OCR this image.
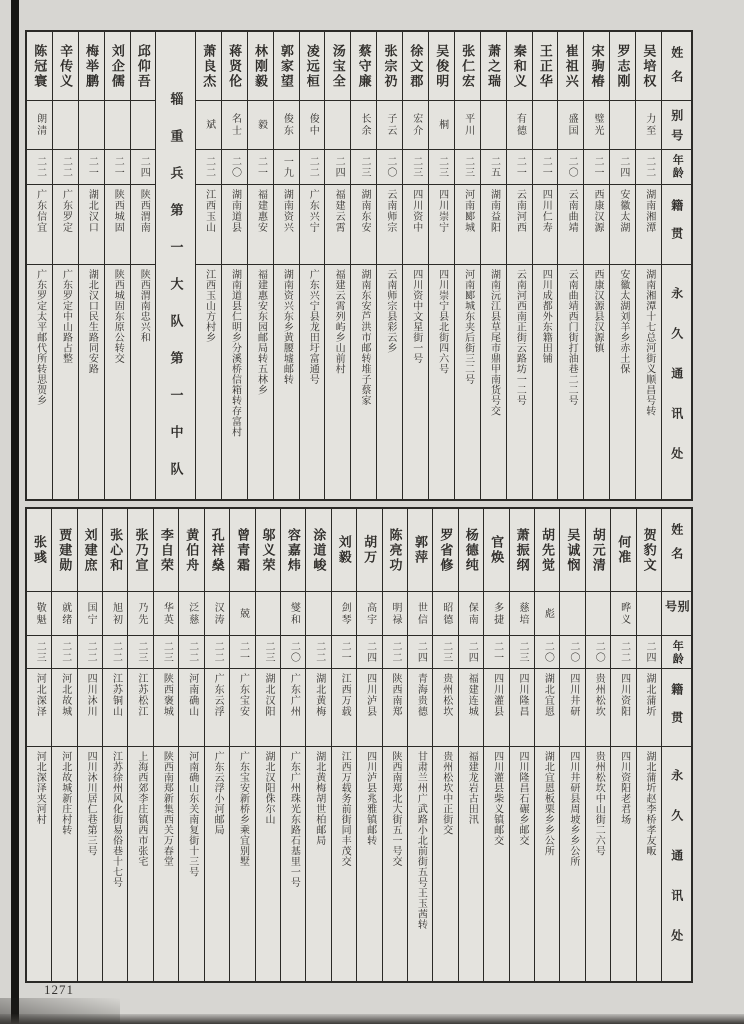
姓名
别号
年龄
籍贯
永久通讯处
吴培权
力至
二二
湖南湘潭
湖南湘潭十七总河街义顺昌号转
罗志刚
二四
安徽太湖
安徽太湖刘羊乡赤土保
宋驹椿
璧光
二一
西康汉源
西康汉源县汉源镇
崔祖兴
盛国
二〇
云南曲靖
云南曲靖西门街打油巷二二号
王正华
二一
四川仁寿
四川成都外东籍田铺
秦和义
有德
二一
云南河西
云南河西南正街云路坊一二号
萧之瑞
二五
湖南益阳
湖南沅江县草尾市鼎甲南货号交
张仁宏
平川
二三
河南郾城
河南郾城东夹后街三二号
吴俊明
桐
二三
四川崇宁
四川崇宁县北街四六号
徐文郡
宏介
二三
四川资中
四川资中文星街一号
张宗礽
子云
二〇
云南师宗
云南师宗县彩云乡
蔡守廉
长余
二三
湖南东安
湖南东安芦洪市邮转堆子蔡家
汤宝全
二四
福建云霄
福建云霄列屿乡山前村
凌远桓
俊中
二二
广东兴宁
广东兴宁县龙田圩富通号
郭家望
俊东
一九
湖南资兴
湖南资兴东乡黄腰墟邮转
林刚毅
毅
二一
福建惠安
福建惠安东园邮局转五林乡
蒋贤伦
名士
二〇
湖南道县
湖南道县仁明乡分溪桥信箱转存富村
萧良杰
斌
二二
江西玉山
江西玉山方村乡
辎重兵第一大队第一中队
邱仰吾
二四
陕西渭南
陕西渭南忠兴和
刘企儒
二一
陕西城固
陕西城固东原公转交
梅举鹏
二一
湖北汉口
湖北汉口民生路同安路
辛传义
二二
广东罗定
广东罗定中山路占整
陈冠寰
朗清
二二
广东信宜
广东罗定太平邮代所转思贺乡
姓名
别号
年龄
籍贯
永久通讯处
贺豹文
二四
湖北蒲圻
湖北蒲圻赵李桥孝友畈
何准
晔义
二二
四川资阳
四川资阳老君场
胡元清
二〇
贵州松坎
贵州松坎中山街二六号
吴诚悯
二〇
四川井研
四川井研县周坡乡乡公所
胡先觉
彪
二〇
湖北宜恩
湖北宜恩板栗乡乡公所
萧振纲
慈培
二三
四川隆昌
四川隆昌石碾乡邮交
官焕
多捷
二一
四川灌县
四川灌县柴义镇邮交
杨德纯
保南
二四
福建连城
福建龙岩古田汛
罗省修
昭德
二三
贵州松坎
贵州松坎中正街交
郭萍
世信
二四
青海贵德
甘肃兰州广武路小北前街五号王玉茜转
陈亮功
明禄
二二
陕西南郑
陕西南郑北大街五一号交
胡万
高宇
二四
四川泸县
四川泸县兆雅镇邮转
刘毅
剑琴
二一
江西万载
江西万载务前街同丰茂交
涂道峻
二二
湖北黄梅
湖北黄梅胡世柏邮局
容嘉炜
燮和
二〇
广东广州
广东广州珠光东路石基里一号
邬义荣
二三
湖北汉阳
湖北汉阳侏尔山
曾青霜
兢
二一
广东宝安
广东宝安新桥乡乘宜别墅
孔祥燊
汉涛
二二
广东云浮
广东云浮小河邮局
黄伯舟
泛慈
二二
河南确山
河南确山东关南复街十三号
李自荣
华英
二三
陕西褒城
陕西南郑新集西关万春堂
张乃宣
乃先
二三
江苏松江
上海西郊李庄镇西市张宅
张心和
旭初
二二
江苏铜山
江苏徐州风化街易俗巷十七号
刘建庶
国宁
二二
四川沐川
四川沐川居仁巷第三号
贾建勋
就绪
二二
河北故城
河北故城新庄村转
张彧
敬魁
二三
河北深泽
河北深泽夹河村
1271
